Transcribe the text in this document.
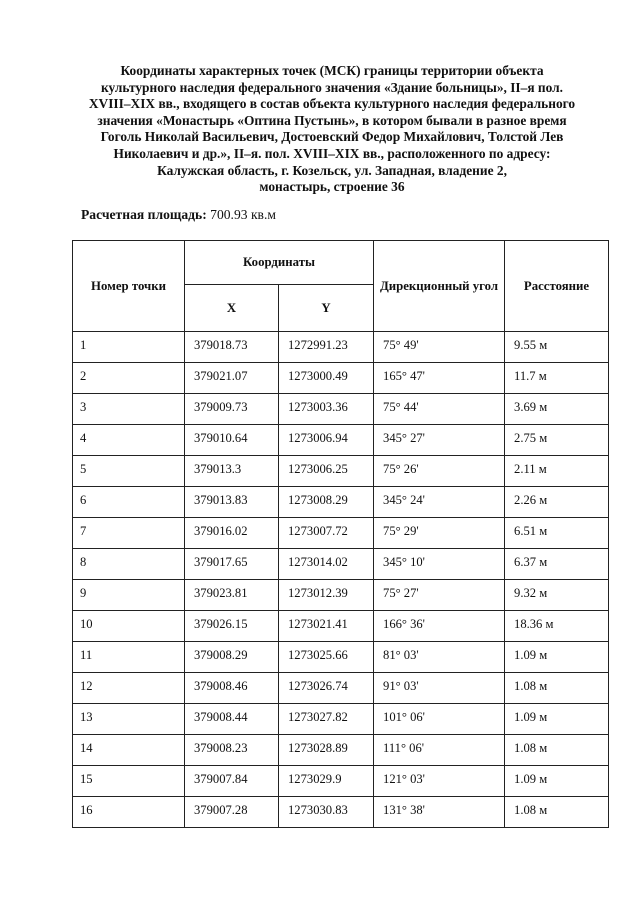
Координаты характерных точек (МСК) границы территории объекта
культурного наследия федерального значения «Здание больницы», II–я пол.
XVIII–XIX вв., входящего в состав объекта культурного наследия федерального
значения «Монастырь «Оптина Пустынь», в котором бывали в разное время
Гоголь Николай Васильевич, Достоевский Федор Михайлович, Толстой Лев
Николаевич и др.», II–я. пол. XVIII–XIX вв., расположенного по адресу:
Калужская область, г. Козельск, ул. Западная, владение 2,
монастырь, строение 36
Расчетная площадь: 700.93 кв.м
Номер точки	Координаты		Дирекционный угол	Расстояние
	X	Y		
1	379018.73	1272991.23	75° 49'	9.55 м
2	379021.07	1273000.49	165° 47'	11.7 м
3	379009.73	1273003.36	75° 44'	3.69 м
4	379010.64	1273006.94	345° 27'	2.75 м
5	379013.3	1273006.25	75° 26'	2.11 м
6	379013.83	1273008.29	345° 24'	2.26 м
7	379016.02	1273007.72	75° 29'	6.51 м
8	379017.65	1273014.02	345° 10'	6.37 м
9	379023.81	1273012.39	75° 27'	9.32 м
10	379026.15	1273021.41	166° 36'	18.36 м
11	379008.29	1273025.66	81° 03'	1.09 м
12	379008.46	1273026.74	91° 03'	1.08 м
13	379008.44	1273027.82	101° 06'	1.09 м
14	379008.23	1273028.89	111° 06'	1.08 м
15	379007.84	1273029.9	121° 03'	1.09 м
16	379007.28	1273030.83	131° 38'	1.08 м
